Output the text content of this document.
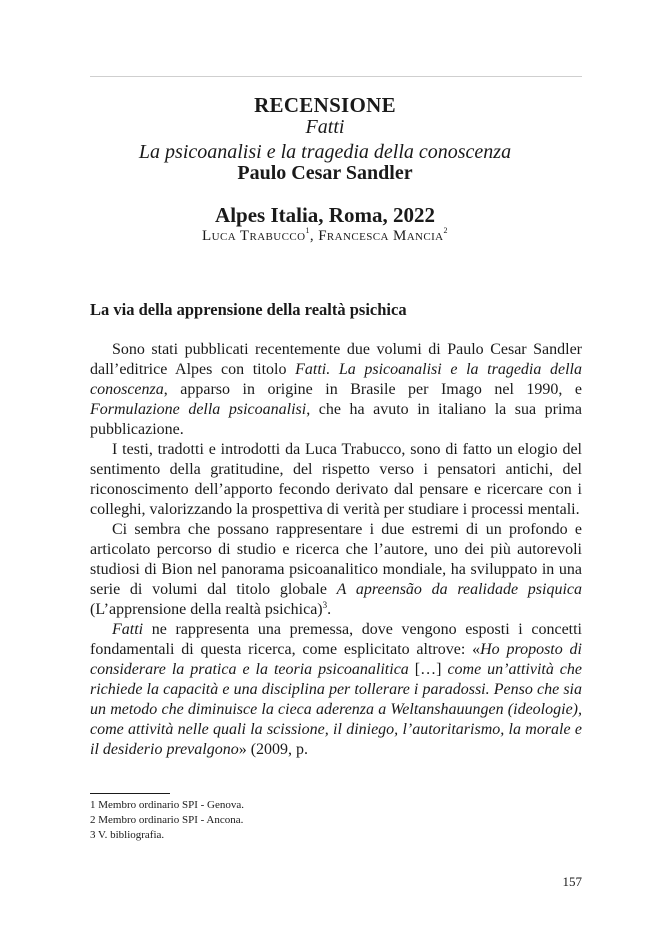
RECENSIONE
Fatti
La psicoanalisi e la tragedia della conoscenza
Paulo Cesar Sandler
Alpes Italia, Roma, 2022
Luca Trabucco$^1$, Francesca Mancia$^2$
La via della apprensione della realtà psichica

Sono stati pubblicati recentemente due volumi di Paulo Cesar Sandler dall’editrice Alpes con titolo Fatti. La psicoanalisi e la tragedia della conoscenza, apparso in origine in Brasile per Imago nel 1990, e Formulazione della psicoanalisi, che ha avuto in italiano la sua prima pubblicazione.

I testi, tradotti e introdotti da Luca Trabucco, sono di fatto un elogio del sentimento della gratitudine, del rispetto verso i pensatori antichi, del riconoscimento dell’apporto fecondo derivato dal pensare e ricercare con i colleghi, valorizzando la prospettiva di verità per studiare i processi mentali.

Ci sembra che possano rappresentare i due estremi di un profondo e articolato percorso di studio e ricerca che l’autore, uno dei più autorevoli studiosi di Bion nel panorama psicoanalitico mondiale, ha sviluppato in una serie di volumi dal titolo globale A apreensão da realidade psiquica (L’apprensione della realtà psichica)$^3$.

Fatti ne rappresenta una premessa, dove vengono esposti i concetti fondamentali di questa ricerca, come esplicitato altrove: «Ho proposto di considerare la pratica e la teoria psicoanalitica […] come un’attività che richiede la capacità e una disciplina per tollerare i paradossi. Penso che sia un metodo che diminuisce la cieca aderenza a Weltanshauungen (ideologie), come attività nelle quali la scissione, il diniego, l’autoritarismo, la morale e il desiderio prevalgono» (2009, p.

1 Membro ordinario SPI - Genova.
2 Membro ordinario SPI - Ancona.
3 V. bibliografia.
157
